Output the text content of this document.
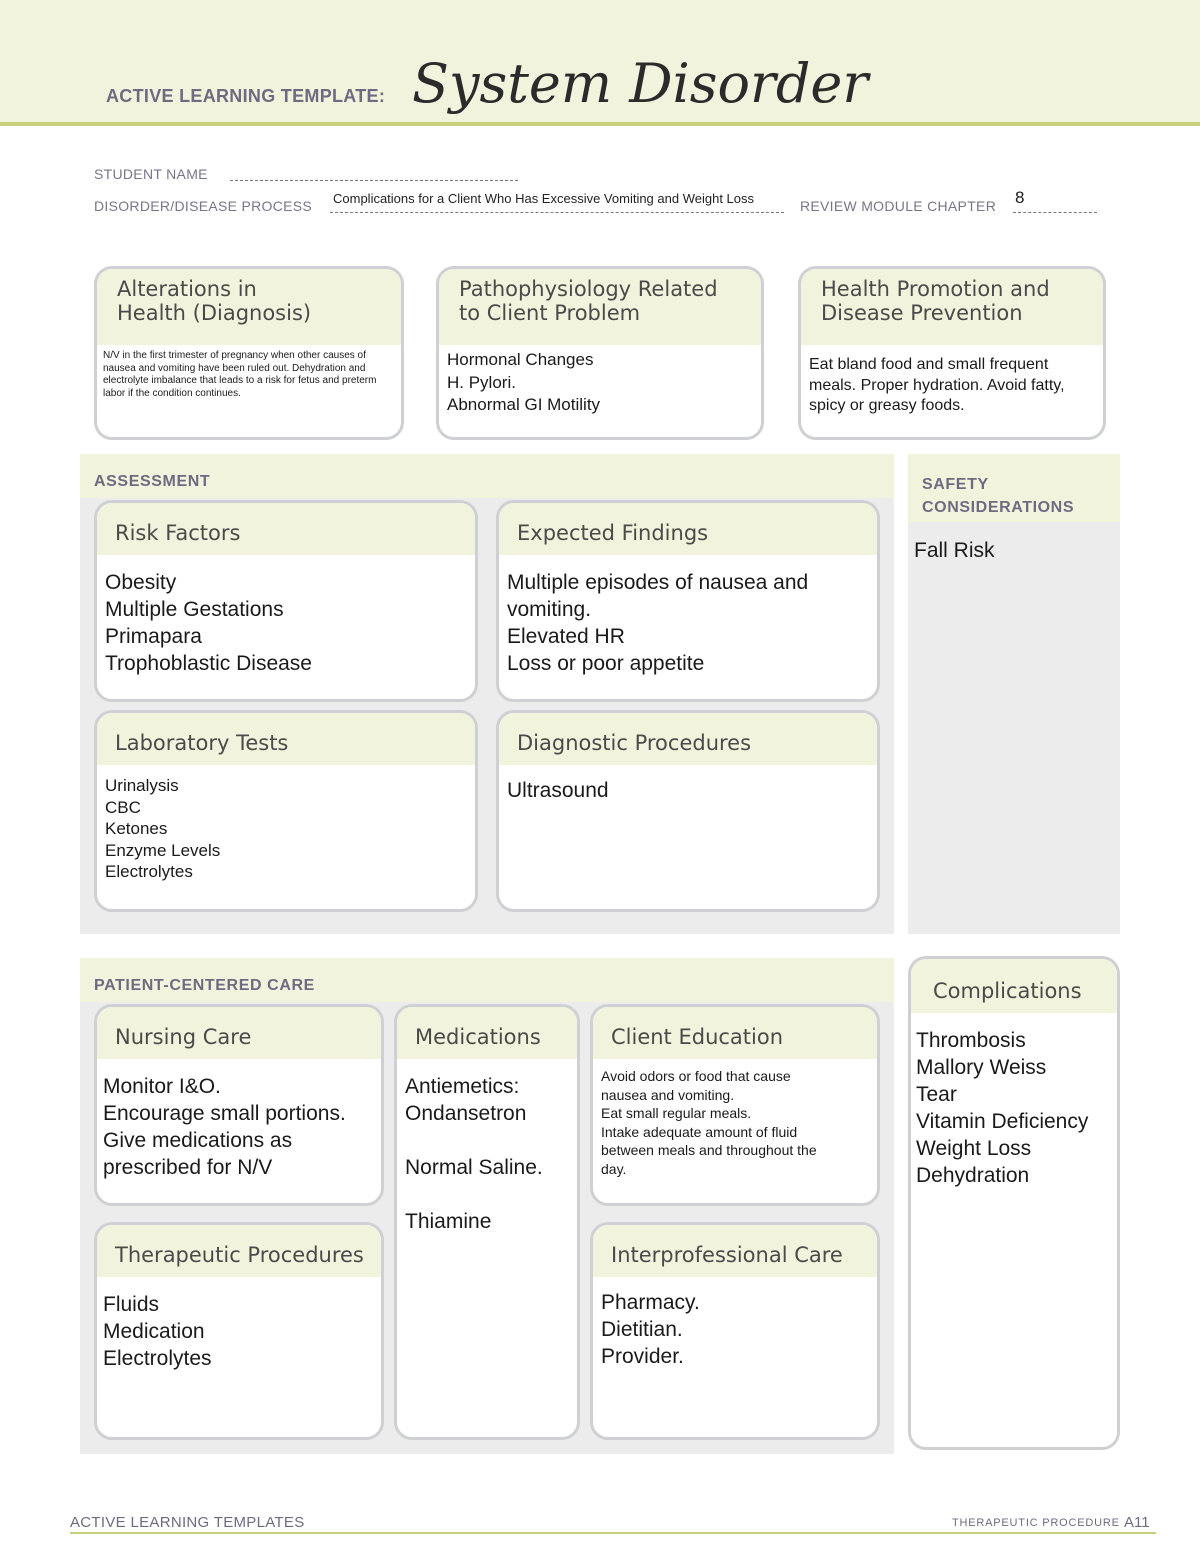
ACTIVE LEARNING TEMPLATE: System Disorder
STUDENT NAME
DISORDER/DISEASE PROCESS Complications for a Client Who Has Excessive Vomiting and Weight Loss	REVIEW MODULE CHAPTER 8
Alterations in
Health (Diagnosis)
N/V in the first trimester of pregnancy when other causes of nausea and vomiting have been ruled out. Dehydration and electrolyte imbalance that leads to a risk for fetus and preterm labor if the condition continues.
Pathophysiology Related
to Client Problem
Hormonal Changes
H. Pylori.
Abnormal GI Motility
Health Promotion and
Disease Prevention
Eat bland food and small frequent meals. Proper hydration. Avoid fatty, spicy or greasy foods.
ASSESSMENT
Risk Factors
Obesity
Multiple Gestations
Primapara
Trophoblastic Disease
Expected Findings
Multiple episodes of nausea and
vomiting.
Elevated HR
Loss or poor appetite
Laboratory Tests
Urinalysis
CBC
Ketones
Enzyme Levels
Electrolytes
Diagnostic Procedures
Ultrasound
SAFETY
CONSIDERATIONS
Fall Risk
PATIENT-CENTERED CARE
Nursing Care
Monitor I&O.
Encourage small portions.
Give medications as
prescribed for N/V
Medications
Antiemetics:
Ondansetron
Normal Saline.
Thiamine
Client Education
Avoid odors or food that cause
nausea and vomiting.
Eat small regular meals.
Intake adequate amount of fluid
between meals and throughout the
day.
Therapeutic Procedures
Fluids
Medication
Electrolytes
Interprofessional Care
Pharmacy.
Dietitian.
Provider.
Complications
Thrombosis
Mallory Weiss
Tear
Vitamin Deficiency
Weight Loss
Dehydration
ACTIVE LEARNING TEMPLATES	THERAPEUTIC PROCEDURE A11
